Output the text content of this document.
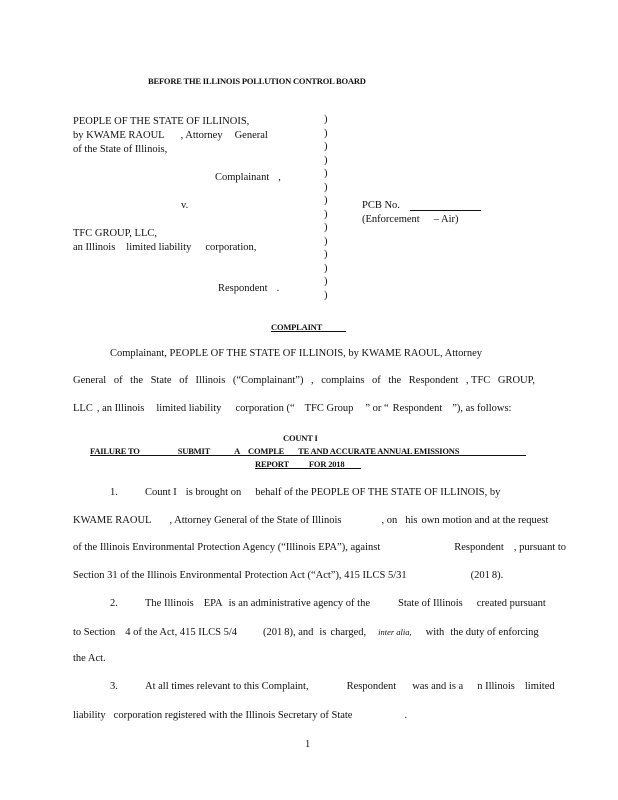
BEFORE THE ILLINOIS POLLUTION CONTROL BOARD
PEOPLE OF THE STATE OF ILLINOIS,
by KWAME RAOUL , Attorney General
of the State of Illinois,
Complainant ,
v.
TFC GROUP, LLC,
an Illinois limited liability corporation,
Respondent .
)
)
)
)
)
)
)
)
)
)
)
)
)
)
PCB No.
(Enforcement – Air)
COMPLAINT
Complainant, PEOPLE OF THE STATE OF ILLINOIS, by KWAME RAOUL, Attorney
General of the State of Illinois (“Complainant”) , complains of the Respondent , TFC GROUP,
LLC , an Illinois limited liability corporation (“ TFC Group ” or “ Respondent ”), as follows:
COUNT I
FAILURE TO	SUBMIT	A COMPLE TE AND ACCURATE ANNUAL EMISSIONS
REPORT FOR 2018
1.	Count I is brought on behalf of the PEOPLE OF THE STATE OF ILLINOIS, by
KWAME RAOUL , Attorney General of the State of Illinois	, on his own motion and at the request
of the Illinois Environmental Protection Agency (“Illinois EPA”), against	Respondent , pursuant to
Section 31 of the Illinois Environmental Protection Act (“Act”), 415 ILCS 5/31	(201 8).
2.	The Illinois EPA is an administrative agency of the	State of Illinois created pursuant
to Section 4 of the Act, 415 ILCS 5/4 (201 8), and is charged, inter alia, with the duty of enforcing
the Act.
3.	At all times relevant to this Complaint,	Respondent was and is a n Illinois limited
liability corporation registered with the Illinois Secretary of State	.
1
